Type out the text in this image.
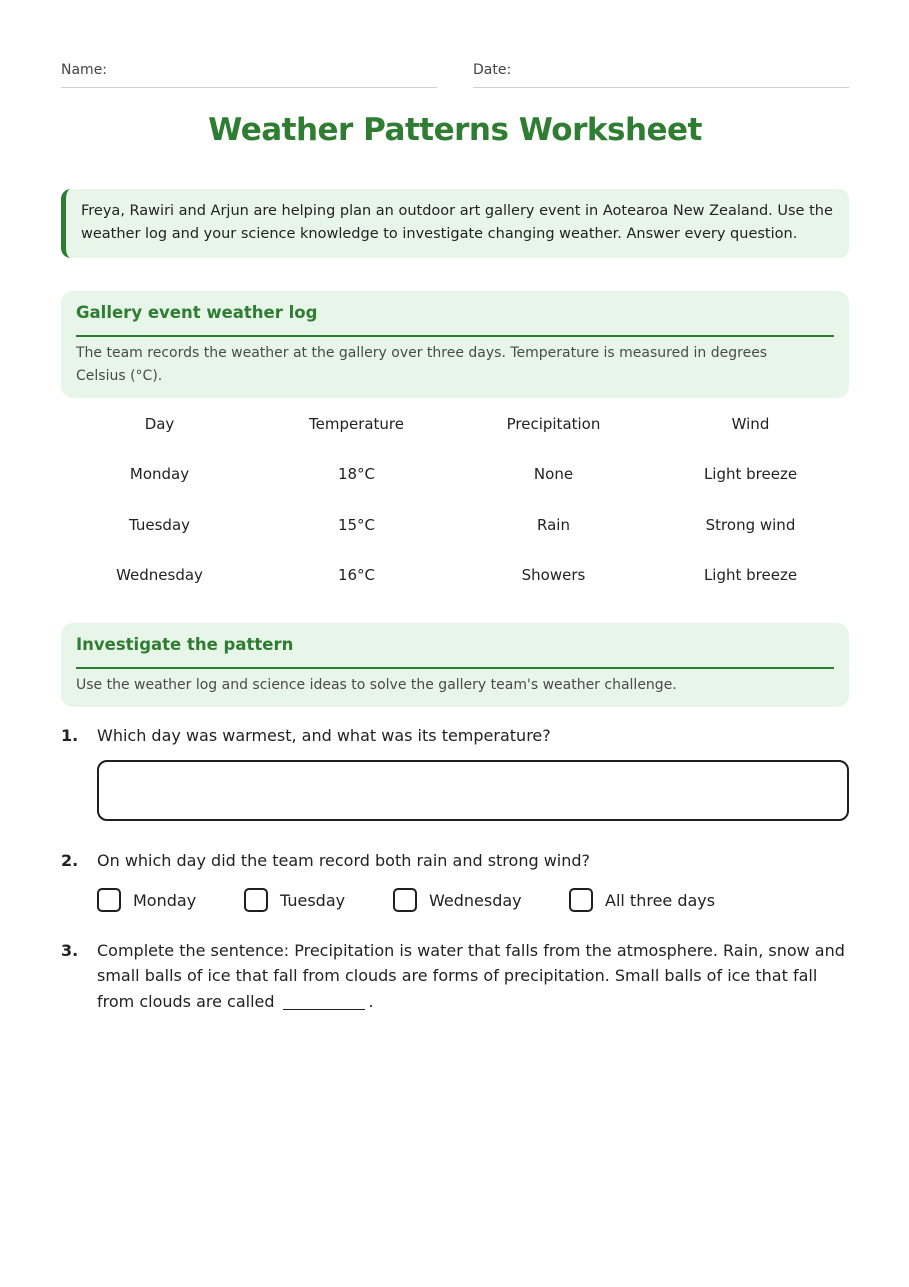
Name:	Date:
Weather Patterns Worksheet
Freya, Rawiri and Arjun are helping plan an outdoor art gallery event in Aotearoa New Zealand. Use the weather log and your science knowledge to investigate changing weather. Answer every question.
Gallery event weather log
The team records the weather at the gallery over three days. Temperature is measured in degrees Celsius (°C).
Day	Temperature	Precipitation	Wind
Monday	18°C	None	Light breeze
Tuesday	15°C	Rain	Strong wind
Wednesday	16°C	Showers	Light breeze
Investigate the pattern
Use the weather log and science ideas to solve the gallery team's weather challenge.
1. Which day was warmest, and what was its temperature?
2. On which day did the team record both rain and strong wind?
Monday	Tuesday	Wednesday	All three days
3. Complete the sentence: Precipitation is water that falls from the atmosphere. Rain, snow and small balls of ice that fall from clouds are forms of precipitation. Small balls of ice that fall from clouds are called	.
